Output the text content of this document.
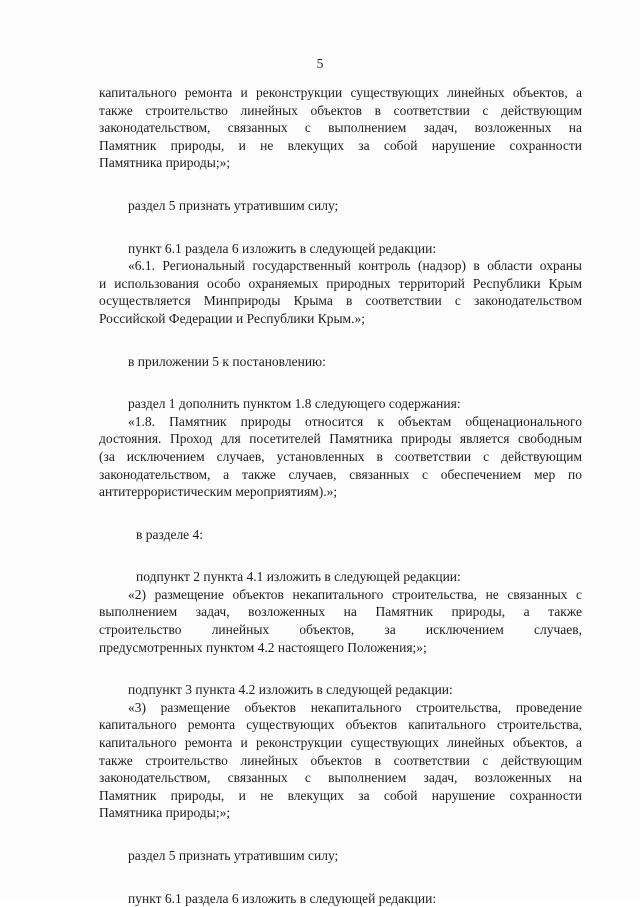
5
капитального ремонта и реконструкции существующих линейных объектов, а
также строительство линейных объектов в соответствии с действующим
законодательством, связанных с выполнением задач, возложенных на
Памятник природы, и не влекущих за собой нарушение сохранности
Памятника природы;»;
раздел 5 признать утратившим силу;
пункт 6.1 раздела 6 изложить в следующей редакции:
«6.1. Региональный государственный контроль (надзор) в области охраны
и использования особо охраняемых природных территорий Республики Крым
осуществляется Минприроды Крыма в соответствии с законодательством
Российской Федерации и Республики Крым.»;
в приложении 5 к постановлению:
раздел 1 дополнить пунктом 1.8 следующего содержания:
«1.8. Памятник природы относится к объектам общенационального
достояния. Проход для посетителей Памятника природы является свободным
(за исключением случаев, установленных в соответствии с действующим
законодательством, а также случаев, связанных с обеспечением мер по
антитеррористическим мероприятиям).»;
в разделе 4:
подпункт 2 пункта 4.1 изложить в следующей редакции:
«2) размещение объектов некапитального строительства, не связанных с
выполнением задач, возложенных на Памятник природы, а также
строительство линейных объектов, за исключением случаев,
предусмотренных пунктом 4.2 настоящего Положения;»;
подпункт 3 пункта 4.2 изложить в следующей редакции:
«3) размещение объектов некапитального строительства, проведение
капитального ремонта существующих объектов капитального строительства,
капитального ремонта и реконструкции существующих линейных объектов, а
также строительство линейных объектов в соответствии с действующим
законодательством, связанных с выполнением задач, возложенных на
Памятник природы, и не влекущих за собой нарушение сохранности
Памятника природы;»;
раздел 5 признать утратившим силу;
пункт 6.1 раздела 6 изложить в следующей редакции:
